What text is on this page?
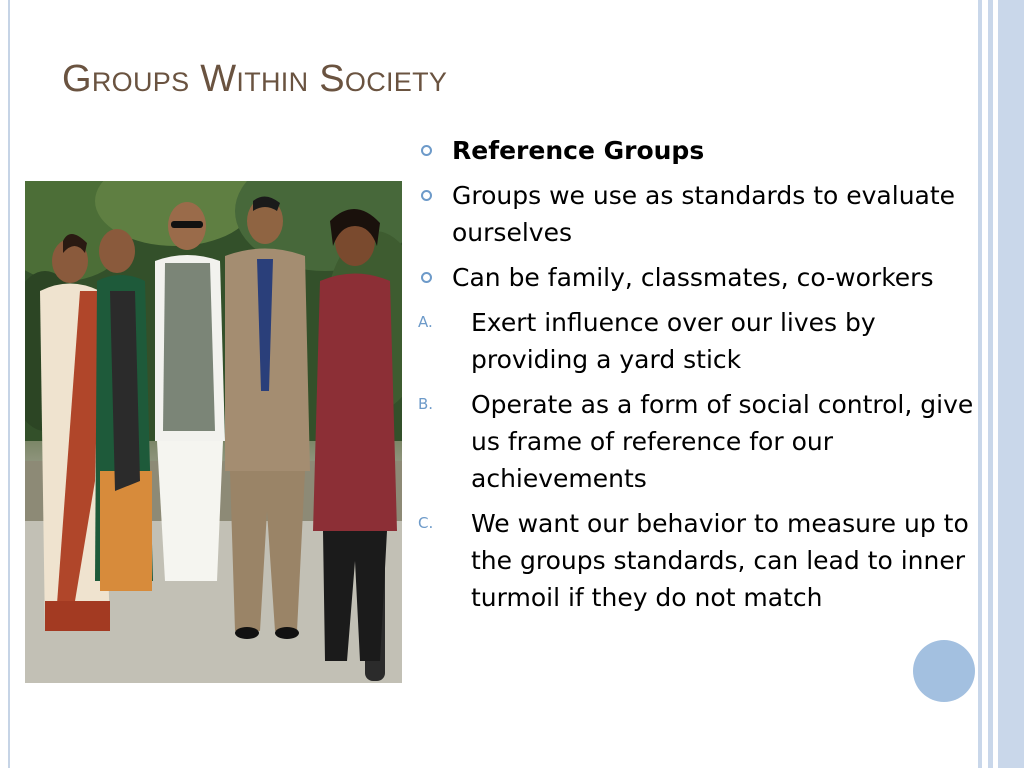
Groups Within Society
Reference Groups
Groups we use as standards to evaluate ourselves
Can be family, classmates, co-workers
A.	Exert influence over our lives by providing a yard stick
B.	Operate as a form of social control, give us frame of reference for our achievements
C.	We want our behavior to measure up to the groups standards, can lead to inner turmoil if they do not match
